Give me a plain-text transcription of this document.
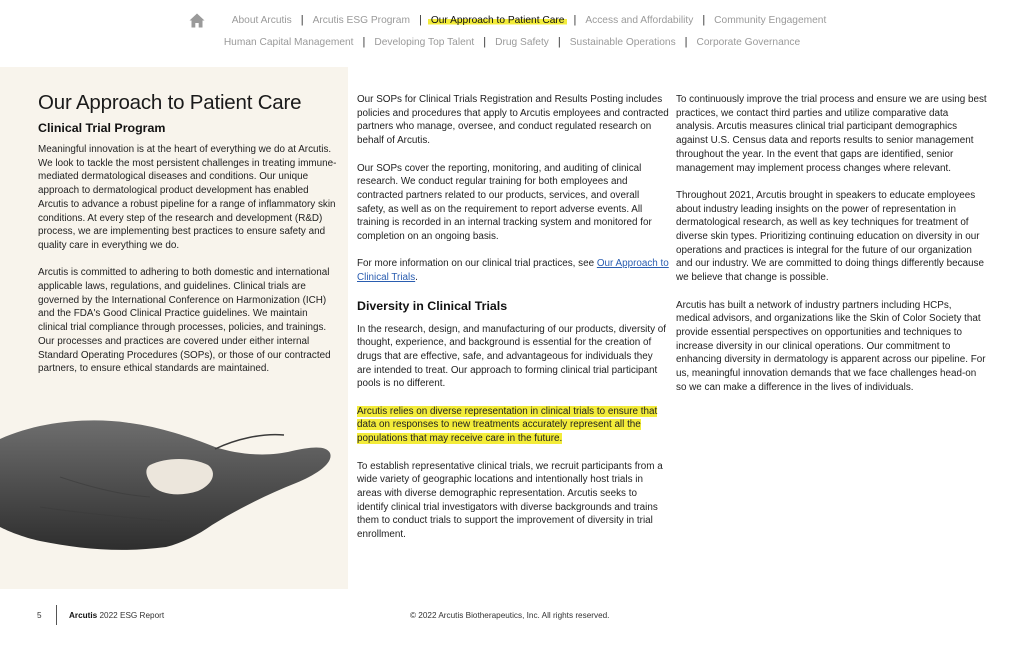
About Arcutis | Arcutis ESG Program | Our Approach to Patient Care | Access and Affordability | Community Engagement
Human Capital Management | Developing Top Talent | Drug Safety | Sustainable Operations | Corporate Governance
Our Approach to Patient Care
Clinical Trial Program

Meaningful innovation is at the heart of everything we do at Arcutis. We look to tackle the most persistent challenges in treating immune-mediated dermatological diseases and conditions. Our unique approach to dermatological product development has enabled Arcutis to advance a robust pipeline for a range of inflammatory skin conditions. At every step of the research and development (R&D) process, we are implementing best practices to ensure safety and quality care in everything we do.

Arcutis is committed to adhering to both domestic and international applicable laws, regulations, and guidelines. Clinical trials are governed by the International Conference on Harmonization (ICH) and the FDA's Good Clinical Practice guidelines. We maintain clinical trial compliance through processes, policies, and trainings. Our processes and practices are covered under either internal Standard Operating Procedures (SOPs), or those of our contracted partners, to ensure ethical standards are maintained.

Our SOPs for Clinical Trials Registration and Results Posting includes policies and procedures that apply to Arcutis employees and contracted partners who manage, oversee, and conduct regulated research on behalf of Arcutis.

Our SOPs cover the reporting, monitoring, and auditing of clinical research. We conduct regular training for both employees and contracted partners related to our products, services, and overall safety, as well as on the requirement to report adverse events. All training is recorded in an internal tracking system and monitored for completion on an ongoing basis.

For more information on our clinical trial practices, see Our Approach to Clinical Trials.

Diversity in Clinical Trials

In the research, design, and manufacturing of our products, diversity of thought, experience, and background is essential for the creation of drugs that are effective, safe, and advantageous for individuals they are intended to treat. Our approach to forming clinical trial participant pools is no different.

Arcutis relies on diverse representation in clinical trials to ensure that data on responses to new treatments accurately represent all the populations that may receive care in the future.

To establish representative clinical trials, we recruit participants from a wide variety of geographic locations and intentionally host trials in areas with diverse demographic representation. Arcutis seeks to identify clinical trial investigators with diverse backgrounds and trains them to conduct trials to support the improvement of diversity in trial enrollment.

To continuously improve the trial process and ensure we are using best practices, we contact third parties and utilize comparative data analysis. Arcutis measures clinical trial participant demographics against U.S. Census data and reports results to senior management throughout the year. In the event that gaps are identified, senior management may implement process changes where relevant.

Throughout 2021, Arcutis brought in speakers to educate employees about industry leading insights on the power of representation in dermatological research, as well as key techniques for treatment of diverse skin types. Prioritizing continuing education on diversity in our operations and practices is integral for the future of our organization and our industry. We are committed to doing things differently because we believe that change is possible.

Arcutis has built a network of industry partners including HCPs, medical advisors, and organizations like the Skin of Color Society that provide essential perspectives on opportunities and techniques to increase diversity in our clinical operations. Our commitment to enhancing diversity in dermatology is apparent across our pipeline. For us, meaningful innovation demands that we face challenges head-on so we can make a difference in the lives of individuals.

5	Arcutis 2022 ESG Report	© 2022 Arcutis Biotherapeutics, Inc. All rights reserved.
